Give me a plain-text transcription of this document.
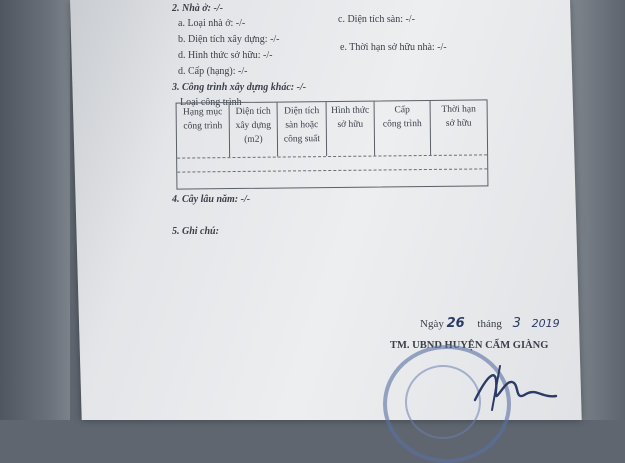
2. Nhà ở: -/-
a. Loại nhà ở: -/-	c. Diện tích sàn: -/-
b. Diện tích xây dựng: -/-
d. Hình thức sở hữu: -/-
e. Thời hạn sở hữu nhà: -/-
d. Cấp (hạng): -/-
3. Công trình xây dựng khác: -/-
Loại công trình
Hạng mục
công trình
Diện tích
xây dựng
(m2)
Diện tích
sàn hoặc
công suất
Hình thức
sở hữu
Cấp
công trình
Thời hạn
sở hữu
4. Cây lâu năm: -/-
5. Ghi chú:
Ngày 26 tháng 3 2019
TM. UBND HUYỆN CẨM GIÀNG
